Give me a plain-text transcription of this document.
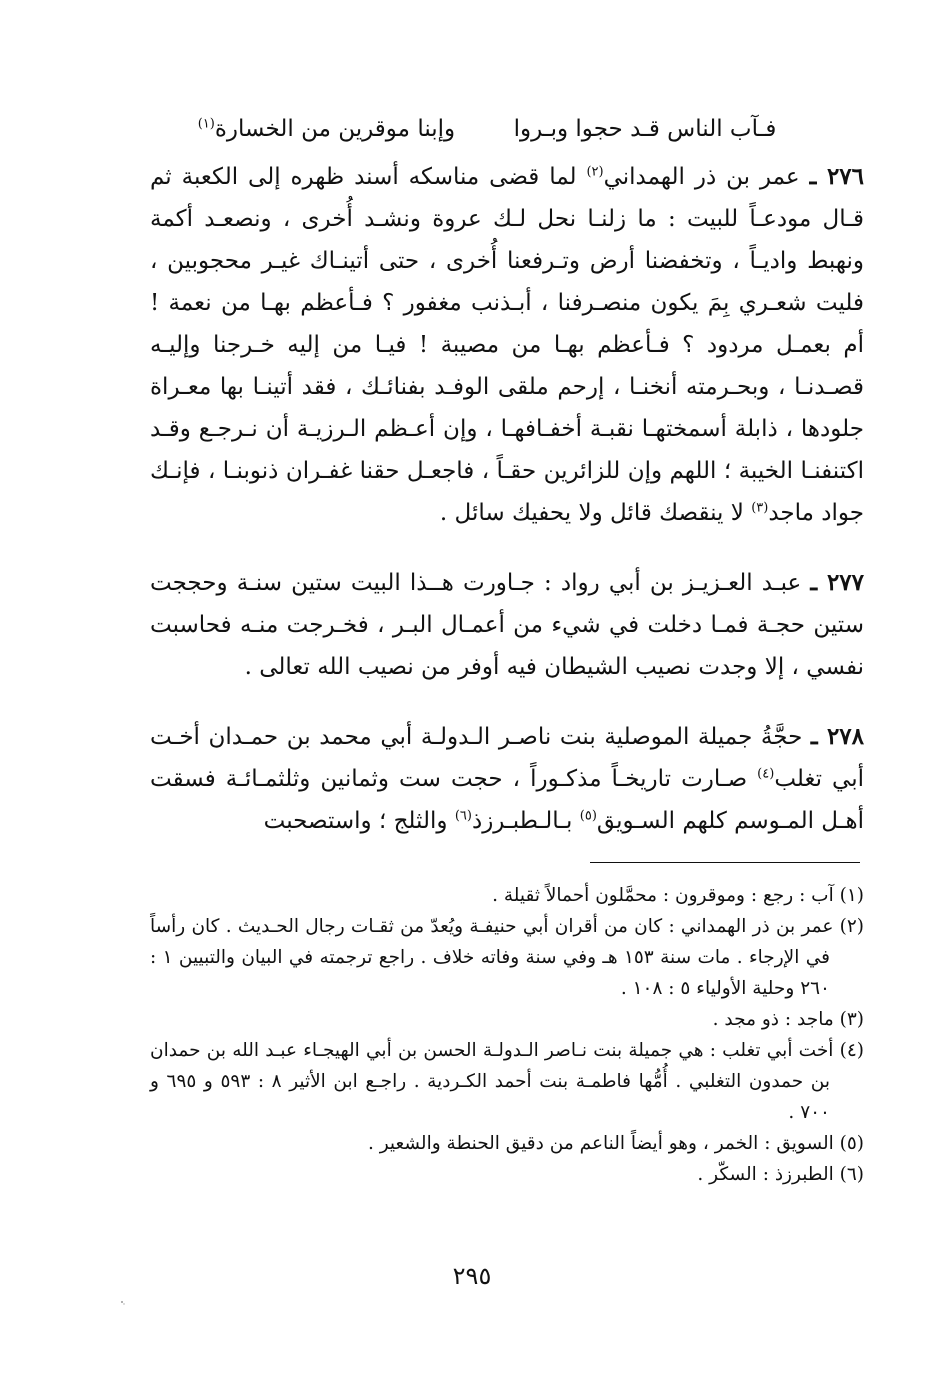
فـآب الناس قـد حجوا وبـروا        وإبنا موقرين من الخسارة$^{(١)}$

٢٧٦ ـ عمر بن ذر الهمداني$^{(٢)}$ لما قضى مناسكه أسند ظهره إلى الكعبة ثم قـال مودعـاً للبيت : ما زلنـا نحل لـك عروة ونشـد أُخرى ، ونصعـد أكمة ونهبط واديـاً ، وتخفضنا أرض وتـرفعنا أُخرى ، حتى أتينـاك غيـر محجوبين ، فليت شعـري بِمَ يكون منصـرفنا ، أبـذنب مغفور ؟ فـأعظم بهـا من نعمة ! أم بعمـل مردود ؟ فـأعظم بهـا من مصيبة ! فيـا من إليه خـرجنا وإليـه قصـدنـا ، وبحـرمته أنخنـا ، إرحم ملقى الوفـد بفنائـك ، فقد أتينـا بها معـراة جلودها ، ذابلة أسمختهـا نقبـة أخفـافهـا ، وإن أعـظم الـرزيـة أن نـرجـع وقـد اكتنفنـا الخيبة ؛ اللهم وإن للزائرين حقـاً ، فاجعـل حقنا غفـران ذنوبنـا ، فإنـك جواد ماجد$^{(٣)}$ لا ينقصك قائل ولا يحفيك سائل .

٢٧٧ ـ عبـد العـزيـز بن أبي رواد : جـاورت هــذا البيت ستين سنـة وحججت ستين حجـة فمـا دخلت في شيء من أعمـال البـر ، فخـرجت منـه فحاسبت نفسي ، إلا وجدت نصيب الشيطان فيه أوفر من نصيب الله تعالى .

٢٧٨ ـ حجَّةُ جميلة الموصلية بنت ناصـر الـدولـة أبي محمد بن حمـدان أخـت أبي تغلب$^{(٤)}$ صـارت تاريخـاً مذكـوراً ، حجت ست وثمانين وثلثمـائـة فسقت أهـل المـوسم كلهم السـويق$^{(٥)}$ بـالـطبـرزذ$^{(٦)}$ والثلج ؛ واستصحبت

(١) آب : رجع : وموقرون : محمَّلون أحمالاً ثقيلة .

(٢) عمر بن ذر الهمداني : كان من أقران أبي حنيفـة ويُعدّ من ثقـات رجال الحـديث . كان رأساً في الإرجاء . مات سنة ١٥٣ هـ وفي سنة وفاته خلاف . راجع ترجمته في البيان والتبيين ١ : ٢٦٠ وحلية الأولياء ٥ : ١٠٨ .

(٣) ماجد : ذو مجد .

(٤) أخت أبي تغلب : هي جميلة بنت نـاصر الـدولـة الحسن بن أبي الهيجـاء عبـد الله بن حمدان بن حمدون التغلبي . أُمُّها فاطمـة بنت أحمد الكـردية . راجـع ابن الأثير ٨ : ٥٩٣ و ٦٩٥ و ٧٠٠ .

(٥) السويق : الخمر ، وهو أيضاً الناعم من دقيق الحنطة والشعير .

(٦) الطبرزذ : السكّر .

٢٩٥
